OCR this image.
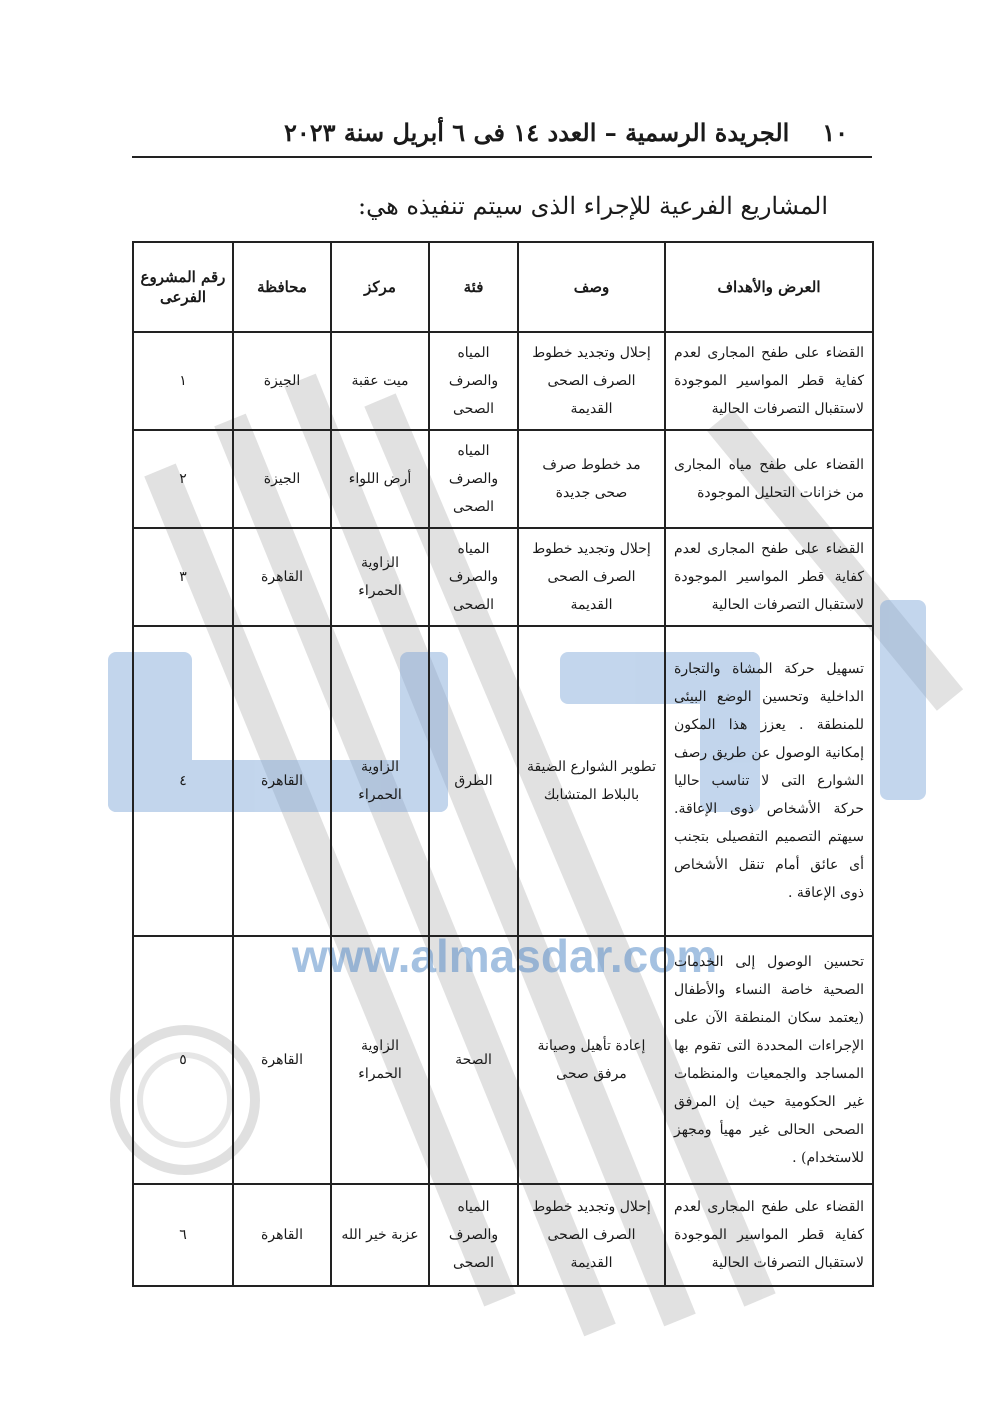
www.almasdar.com
١٠
الجريدة الرسمية – العدد ١٤ فى ٦ أبريل سنة ٢٠٢٣
المشاريع الفرعية للإجراء الذى سيتم تنفيذه هي:
العرض والأهداف	وصف	فئة	مركز	محافظة	رقم المشروع الفرعى
القضاء على طفح المجارى لعدم كفاية قطر المواسير الموجودة لاستقبال التصرفات الحالية	إحلال وتجديد خطوط الصرف الصحى القديمة	المياه والصرف الصحى	ميت عقبة	الجيزة	١
القضاء على طفح مياه المجارى من خزانات التحليل الموجودة	مد خطوط صرف صحى جديدة	المياه والصرف الصحى	أرض اللواء	الجيزة	٢
القضاء على طفح المجارى لعدم كفاية قطر المواسير الموجودة لاستقبال التصرفات الحالية	إحلال وتجديد خطوط الصرف الصحى القديمة	المياه والصرف الصحى	الزاوية الحمراء	القاهرة	٣
تسهيل حركة المشاة والتجارة الداخلية وتحسين الوضع البيئى للمنطقة . يعزز هذا المكون إمكانية الوصول عن طريق رصف الشوارع التى لا تناسب حاليا حركة الأشخاص ذوى الإعاقة. سيهتم التصميم التفصيلى بتجنب أى عائق أمام تنقل الأشخاص ذوى الإعاقة .	تطوير الشوارع الضيقة بالبلاط المتشابك	الطرق	الزاوية الحمراء	القاهرة	٤
تحسين الوصول إلى الخدمات الصحية خاصة النساء والأطفال (يعتمد سكان المنطقة الآن على الإجراءات المحددة التى تقوم بها المساجد والجمعيات والمنظمات غير الحكومية حيث إن المرفق الصحى الحالى غير مهيأ ومجهز للاستخدام) .	إعادة تأهيل وصيانة مرفق صحى	الصحة	الزاوية الحمراء	القاهرة	٥
القضاء على طفح المجارى لعدم كفاية قطر المواسير الموجودة لاستقبال التصرفات الحالية	إحلال وتجديد خطوط الصرف الصحى القديمة	المياه والصرف الصحى	عزبة خير الله	القاهرة	٦
